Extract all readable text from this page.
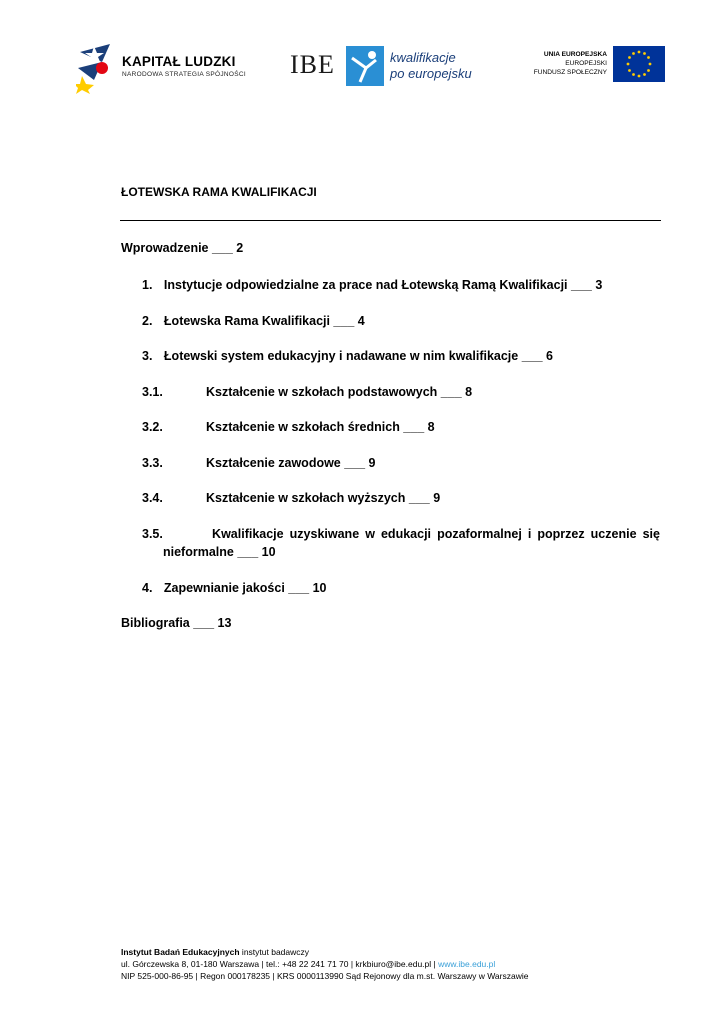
KAPITAŁ LUDZKI
NARODOWA STRATEGIA SPÓJNOŚCI IBE	kwalifikacje
po europejsku
UNIA EUROPEJSKA
EUROPEJSKI
FUNDUSZ SPOŁECZNY
ŁOTEWSKA RAMA KWALIFIKACJI
Wprowadzenie ___ 2
1. Instytucje odpowiedzialne za prace nad Łotewską Ramą Kwalifikacji ___ 3
2. Łotewska Rama Kwalifikacji ___ 4
3. Łotewski system edukacyjny i nadawane w nim kwalifikacje ___ 6
3.1.	Kształcenie w szkołach podstawowych ___ 8
3.2.	Kształcenie w szkołach średnich ___ 8
3.3.	Kształcenie zawodowe ___ 9
3.4.	Kształcenie w szkołach wyższych ___ 9
3.5.	Kwalifikacje uzyskiwane w edukacji pozaformalnej i poprzez uczenie się
nieformalne ___ 10
4. Zapewnianie jakości ___ 10
Bibliografia ___ 13
Instytut Badań Edukacyjnych instytut badawczy
ul. Górczewska 8, 01-180 Warszawa | tel.: +48 22 241 71 70 | krkbiuro@ibe.edu.pl | www.ibe.edu.pl
NIP 525-000-86-95 | Regon 000178235 | KRS 0000113990 Sąd Rejonowy dla m.st. Warszawy w Warszawie
